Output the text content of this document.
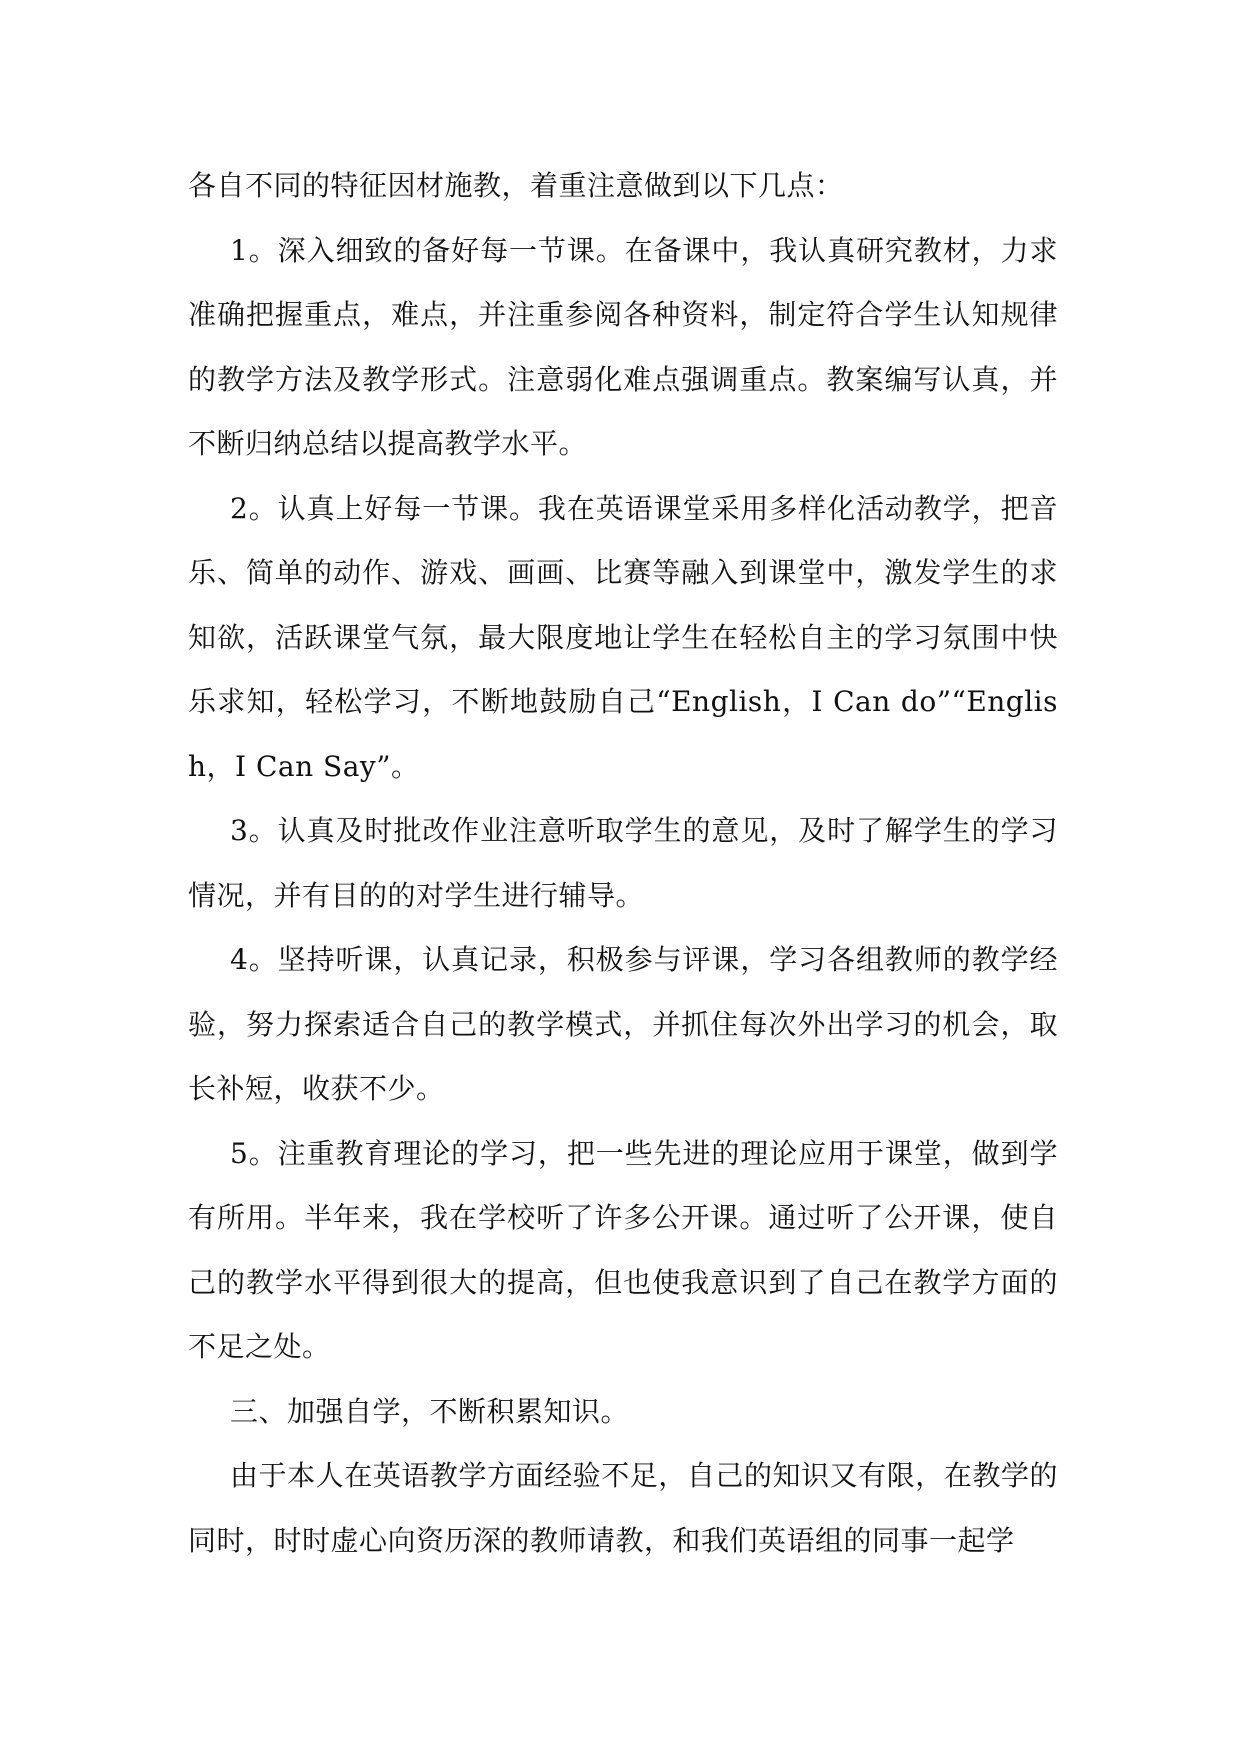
各自不同的特征因材施教，着重注意做到以下几点：

1。深入细致的备好每一节课。在备课中，我认真研究教材，力求准确把握重点，难点，并注重参阅各种资料，制定符合学生认知规律的教学方法及教学形式。注意弱化难点强调重点。教案编写认真，并不断归纳总结以提高教学水平。

2。认真上好每一节课。我在英语课堂采用多样化活动教学，把音乐、简单的动作、游戏、画画、比赛等融入到课堂中，激发学生的求知欲，活跃课堂气氛，最大限度地让学生在轻松自主的学习氛围中快乐求知，轻松学习，不断地鼓励自己“English，I Can do”“English，I Can Say”。

3。认真及时批改作业注意听取学生的意见，及时了解学生的学习情况，并有目的的对学生进行辅导。

4。坚持听课，认真记录，积极参与评课，学习各组教师的教学经验，努力探索适合自己的教学模式，并抓住每次外出学习的机会，取长补短，收获不少。

5。注重教育理论的学习，把一些先进的理论应用于课堂，做到学有所用。半年来，我在学校听了许多公开课。通过听了公开课，使自己的教学水平得到很大的提高，但也使我意识到了自己在教学方面的不足之处。

三、加强自学，不断积累知识。

由于本人在英语教学方面经验不足，自己的知识又有限，在教学的同时，时时虚心向资历深的教师请教，和我们英语组的同事一起学
